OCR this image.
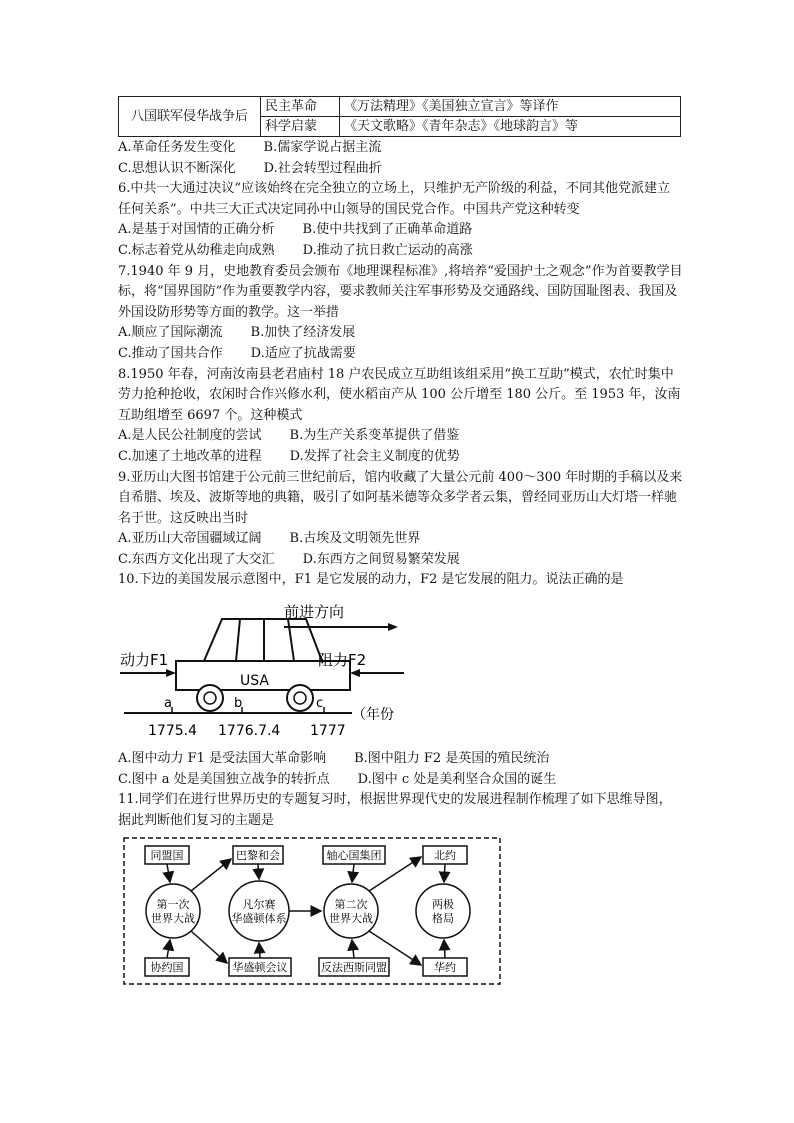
八国联军侵华战争后	民主革命	《万法精理》《美国独立宣言》等译作
	科学启蒙	《天文歌略》《青年杂志》《地球韵言》等
A.革命任务发生变化 B.儒家学说占据主流
C.思想认识不断深化 D.社会转型过程曲折

6.中共一大通过决议“应该始终在完全独立的立场上，只维护无产阶级的利益，不同其他党派建立任何关系”。中共三大正式决定同孙中山领导的国民党合作。中国共产党这种转变

A.是基于对国情的正确分析 B.使中共找到了正确革命道路
C.标志着党从幼稚走向成熟 D.推动了抗日救亡运动的高涨

7.1940 年 9 月，史地教育委员会颁布《地理课程标准》,将培养“爱国护土之观念”作为首要教学目标，将“国界国防”作为重要教学内容，要求教师关注军事形势及交通路线、国防国耻图表、我国及外国设防形势等方面的教学。这一举措

A.顺应了国际潮流 B.加快了经济发展
C.推动了国共合作 D.适应了抗战需要

8.1950 年春，河南汝南县老君庙村 18 户农民成立互助组该组采用“换工互助”模式，农忙时集中劳力抢种抢收，农闲时合作兴修水利，使水稻亩产从 100 公斤增至 180 公斤。至 1953 年，汝南互助组增至 6697 个。这种模式

A.是人民公社制度的尝试 B.为生产关系变革提供了借鉴
C.加速了土地改革的进程 D.发挥了社会主义制度的优势

9.亚历山大图书馆建于公元前三世纪前后，馆内收藏了大量公元前 400～300 年时期的手稿以及来自希腊、埃及、波斯等地的典籍，吸引了如阿基米德等众多学者云集，曾经同亚历山大灯塔一样驰名于世。这反映出当时

A.亚历山大帝国疆域辽阔 B.古埃及文明领先世界
C.东西方文化出现了大交汇 D.东西方之间贸易繁荣发展

10.下边的美国发展示意图中，F1 是它发展的动力，F2 是它发展的阻力。说法正确的是

USA
前进方向
动力F1	阻力F2
a	b	c
1775.4 1776.7.4 1777
（年份
A.图中动力 F1 是受法国大革命影响 B.图中阻力 F2 是英国的殖民统治
C.图中 a 处是美国独立战争的转折点 D.图中 c 处是美利坚合众国的诞生

11.同学们在进行世界历史的专题复习时，根据世界现代史的发展进程制作梳理了如下思维导图，据此判断他们复习的主题是

同盟国	巴黎和会	轴心国集团	北约
协约国	华盛顿会议	反法西斯同盟	华约
第一次
世界大战
凡尔赛
华盛顿体系
第二次
世界大战
两极
格局
